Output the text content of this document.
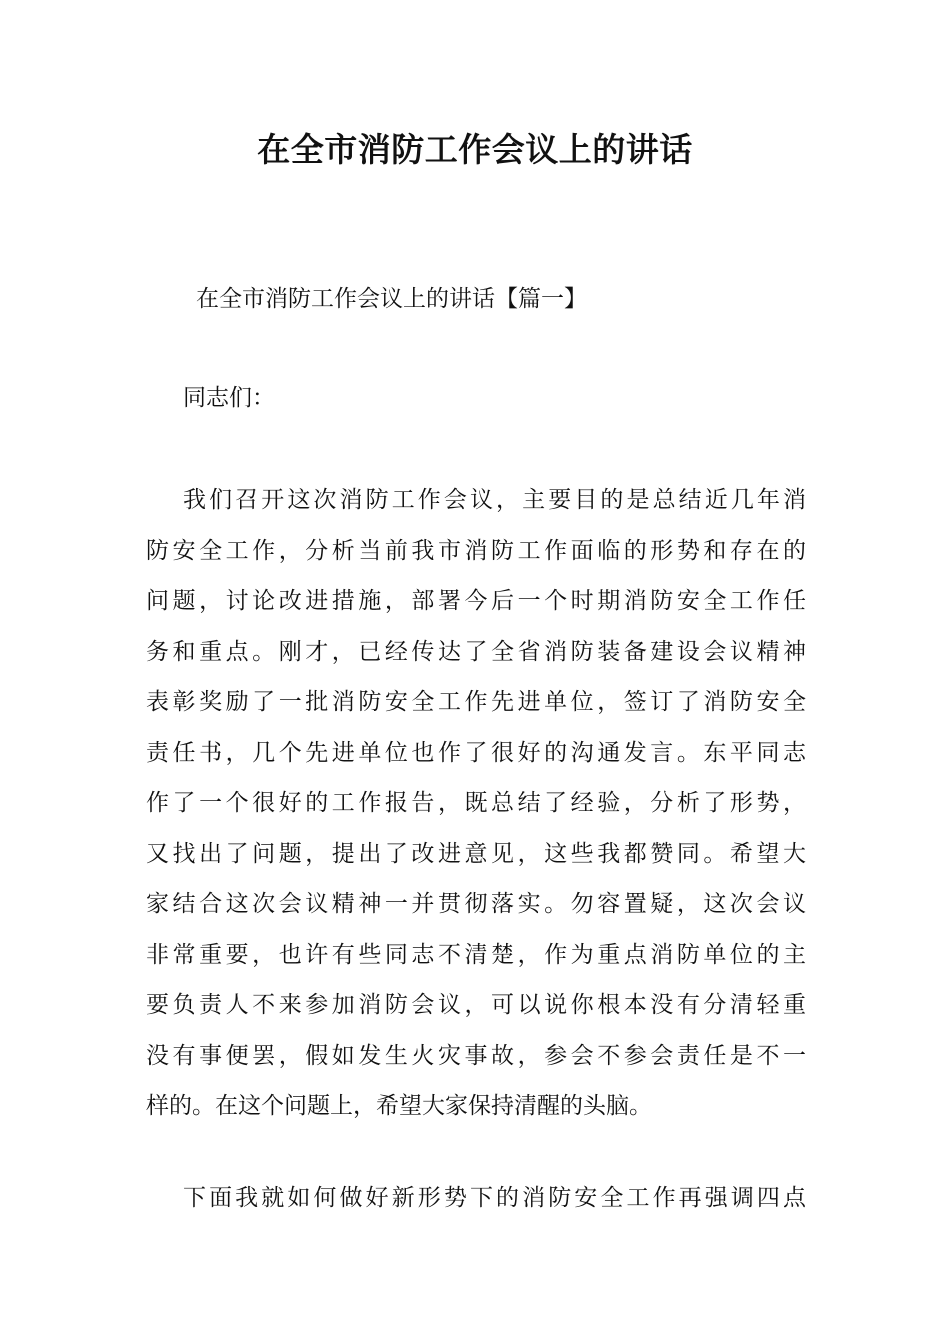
在全市消防工作会议上的讲话
在全市消防工作会议上的讲话【篇一】
同志们：
我们召开这次消防工作会议，主要目的是总结近几年消
防安全工作，分析当前我市消防工作面临的形势和存在的
问题，讨论改进措施，部署今后一个时期消防安全工作任
务和重点。刚才，已经传达了全省消防装备建设会议精神
表彰奖励了一批消防安全工作先进单位，签订了消防安全
责任书，几个先进单位也作了很好的沟通发言。东平同志
作了一个很好的工作报告，既总结了经验，分析了形势，
又找出了问题，提出了改进意见，这些我都赞同。希望大
家结合这次会议精神一并贯彻落实。勿容置疑，这次会议
非常重要，也许有些同志不清楚，作为重点消防单位的主
要负责人不来参加消防会议，可以说你根本没有分清轻重
没有事便罢，假如发生火灾事故，参会不参会责任是不一
样的。在这个问题上，希望大家保持清醒的头脑。
下面我就如何做好新形势下的消防安全工作再强调四点
